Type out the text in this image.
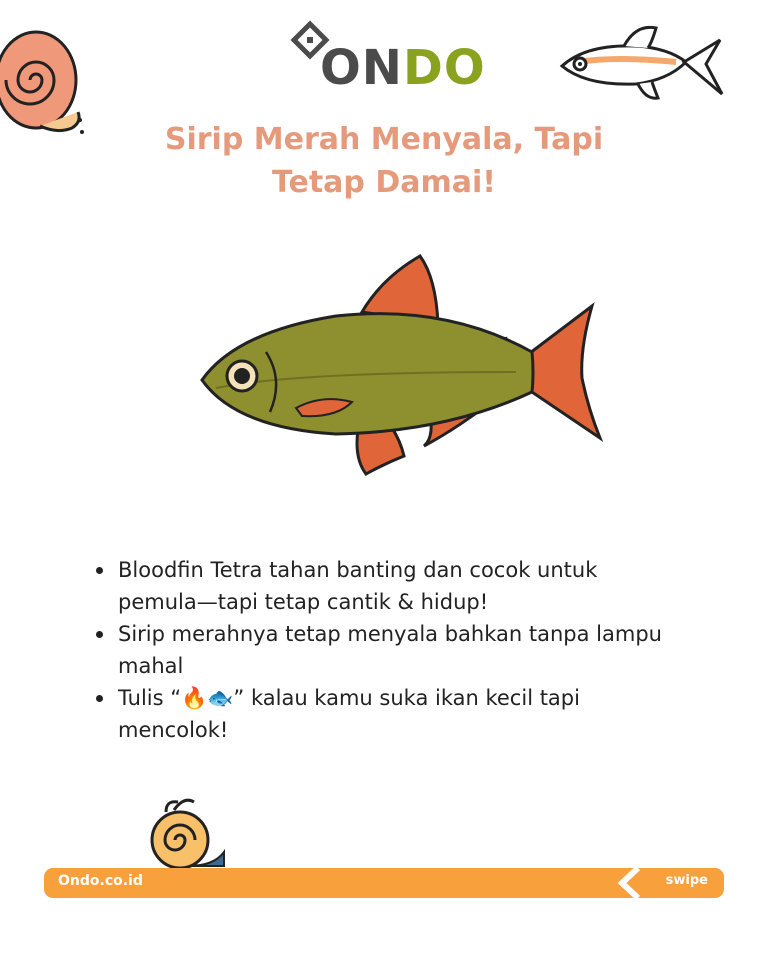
ONDO
Sirip Merah Menyala, Tapi Tetap Damai!
Bloodfin Tetra tahan banting dan cocok untuk pemula—tapi tetap cantik & hidup!
Sirip merahnya tetap menyala bahkan tanpa lampu mahal
Tulis “🔥🐟” kalau kamu suka ikan kecil tapi mencolok!
Ondo.co.id	swipe
